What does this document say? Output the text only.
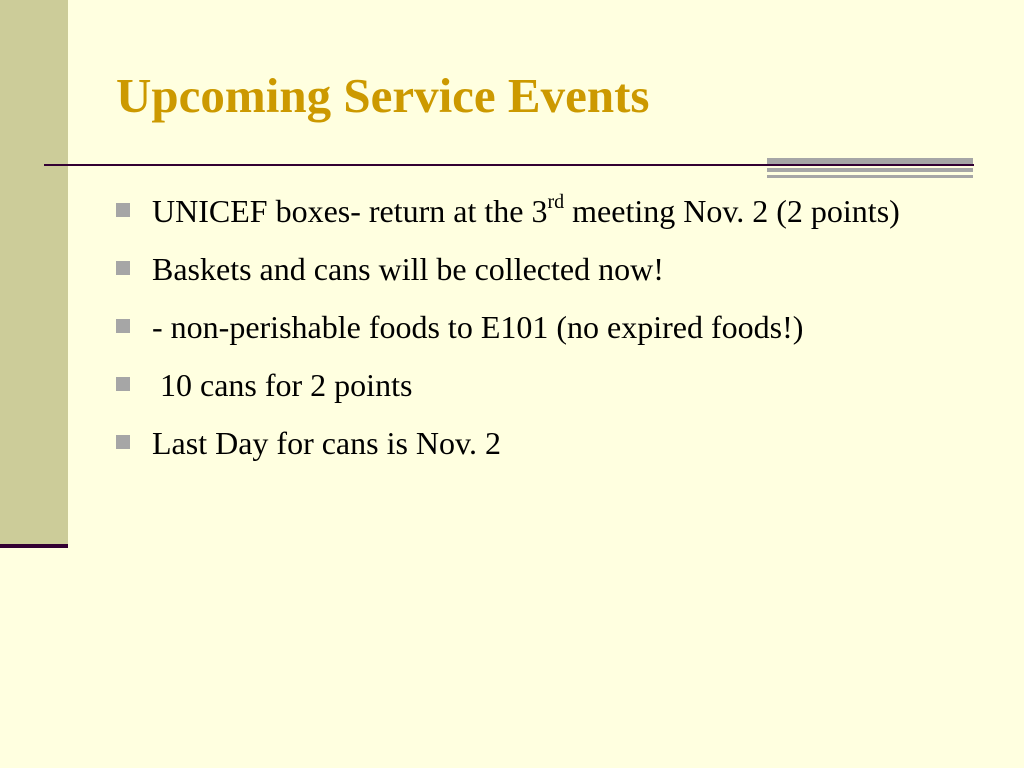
Upcoming Service Events
UNICEF boxes- return at the 3rd meeting Nov. 2 (2 points)
Baskets and cans will be collected now!
- non-perishable foods to E101 (no expired foods!)
10 cans for 2 points
Last Day for cans is Nov. 2
